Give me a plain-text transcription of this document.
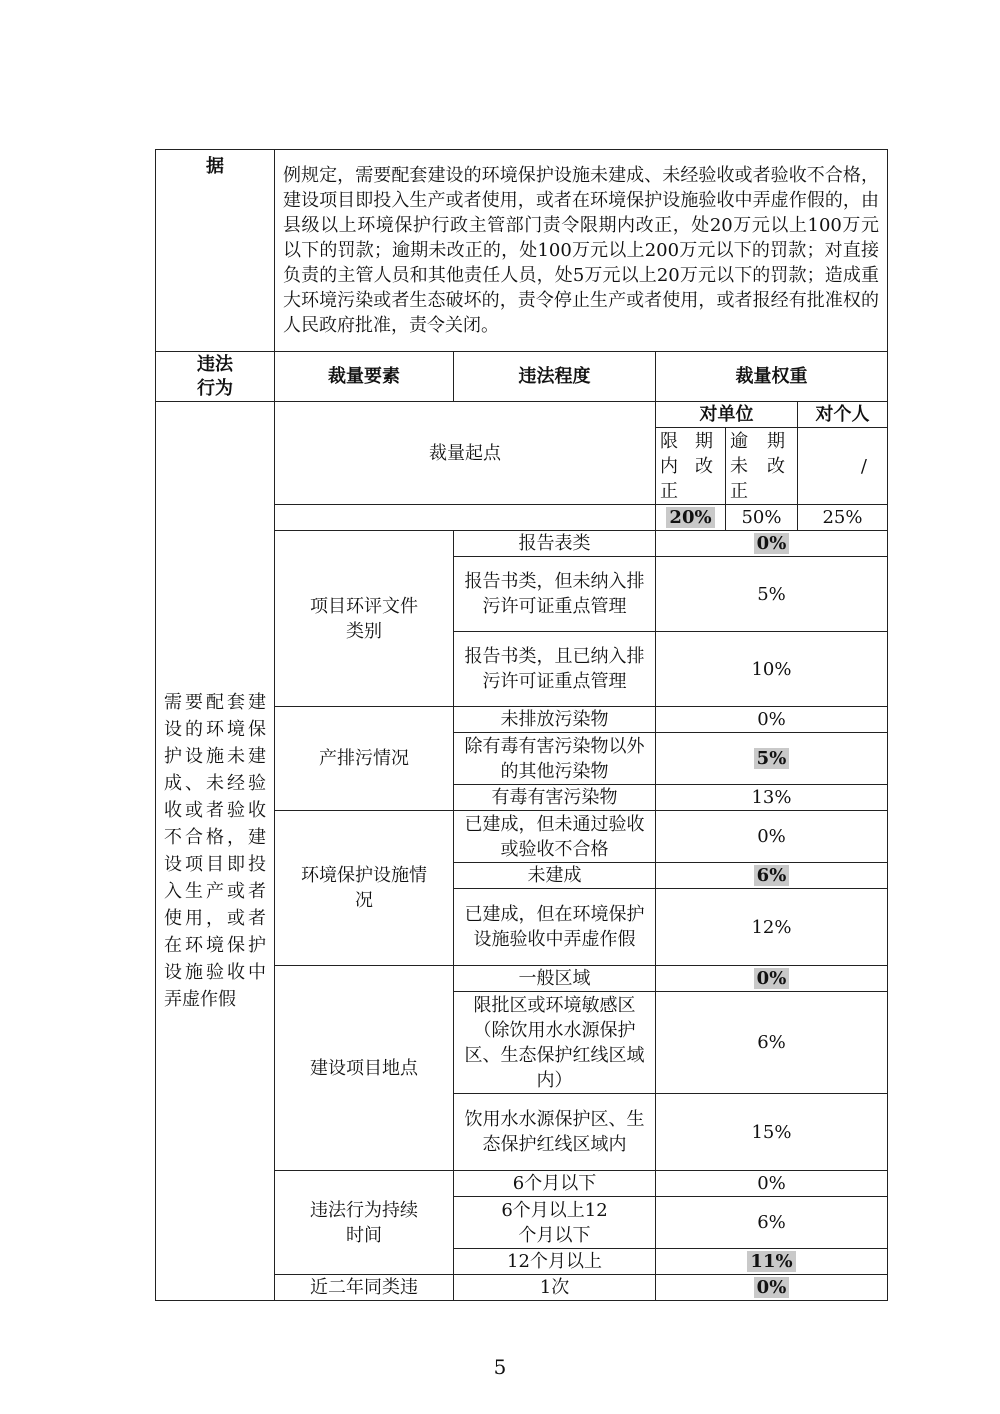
据	例规定，需要配套建设的环境保护设施未建成、未经验收或者验收不合格，建设项目即投入生产或者使用，或者在环境保护设施验收中弄虚作假的，由县级以上环境保护行政主管部门责令限期内改正，处20万元以上100万元以下的罚款；逾期未改正的，处100万元以上200万元以下的罚款；对直接负责的主管人员和其他责任人员，处5万元以上20万元以下的罚款；造成重大环境污染或者生态破坏的，责令停止生产或者使用，或者报经有批准权的人民政府批准，责令关闭。				
违法行为	裁量要素	违法程度	裁量权重		
需要配套建设的环境保护设施未建成、未经验收或者验收不合格，建设项目即投入生产或者使用，或者在环境保护设施验收中弄虚作假	裁量起点		对单位		对个人
			限期内改正	逾期未改正	/
			20%	50%	25%
	项目环评文件类别	报告表类	0%		
		报告书类，但未纳入排污许可证重点管理	5%		
		报告书类，且已纳入排污许可证重点管理	10%		
	产排污情况	未排放污染物	0%		
		除有毒有害污染物以外的其他污染物	5%		
		有毒有害污染物	13%		
	环境保护设施情况	已建成，但未通过验收或验收不合格	0%		
		未建成	6%		
		已建成，但在环境保护设施验收中弄虚作假	12%		
	建设项目地点	一般区域	0%		
		限批区或环境敏感区（除饮用水水源保护区、生态保护红线区域内）	6%		
		饮用水水源保护区、生态保护红线区域内	15%		
	违法行为持续时间	6个月以下	0%		
		6个月以上12个月以下	6%		
		12个月以上	11%		
	近二年同类违	1次	0%		
5
